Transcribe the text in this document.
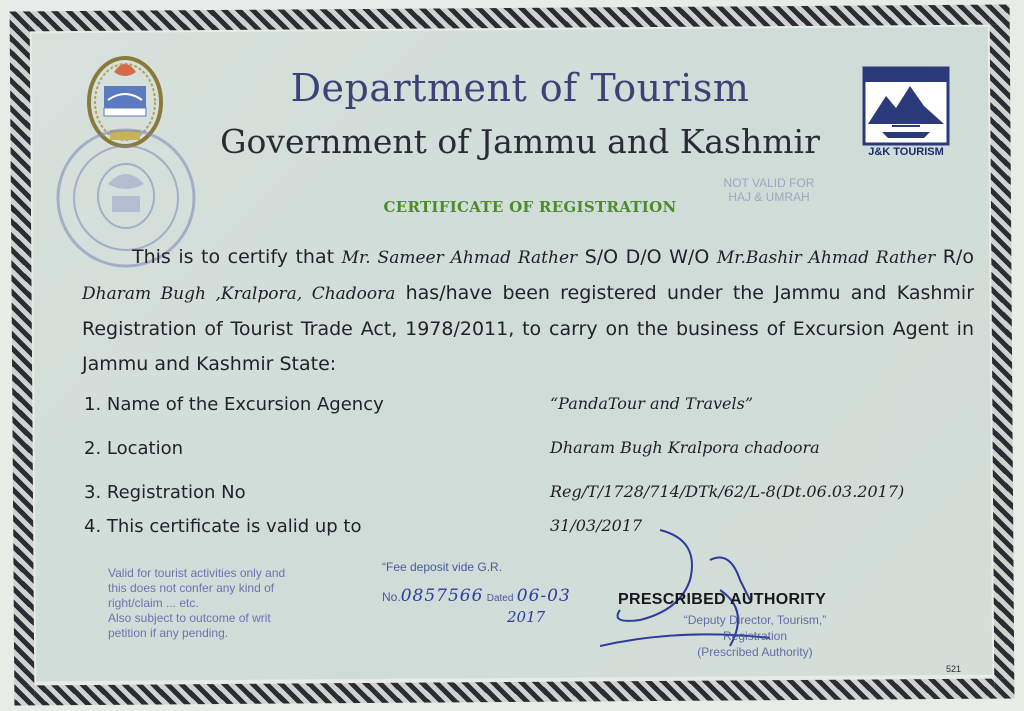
J&K TOURISM
Department of Tourism
Government of Jammu and Kashmir
CERTIFICATE OF REGISTRATION
NOT VALID FOR
HAJ & UMRAH
This is to certify that Mr. Sameer Ahmad Rather S/O D/O W/O Mr.Bashir Ahmad Rather R/o Dharam Bugh ,Kralpora, Chadoora has/have been registered under the Jammu and Kashmir Registration of Tourist Trade Act, 1978/2011, to carry on the business of Excursion Agent in Jammu and Kashmir State:
1. Name of the Excursion Agency	“PandaTour and Travels”
2. Location	Dharam Bugh Kralpora chadoora
3. Registration No	Reg/T/1728/714/DTk/62/L-8(Dt.06.03.2017)
4. This certificate is valid up to	31/03/2017
Valid for tourist activities only and
this does not confer any kind of
right/claim ... etc.
Also subject to outcome of writ
petition if any pending.
“Fee deposit vide G.R.
No.0857566 Dated 06-03
2017
PRESCRIBED AUTHORITY
“Deputy Director, Tourism,”
Registration
(Prescribed Authority)
521
